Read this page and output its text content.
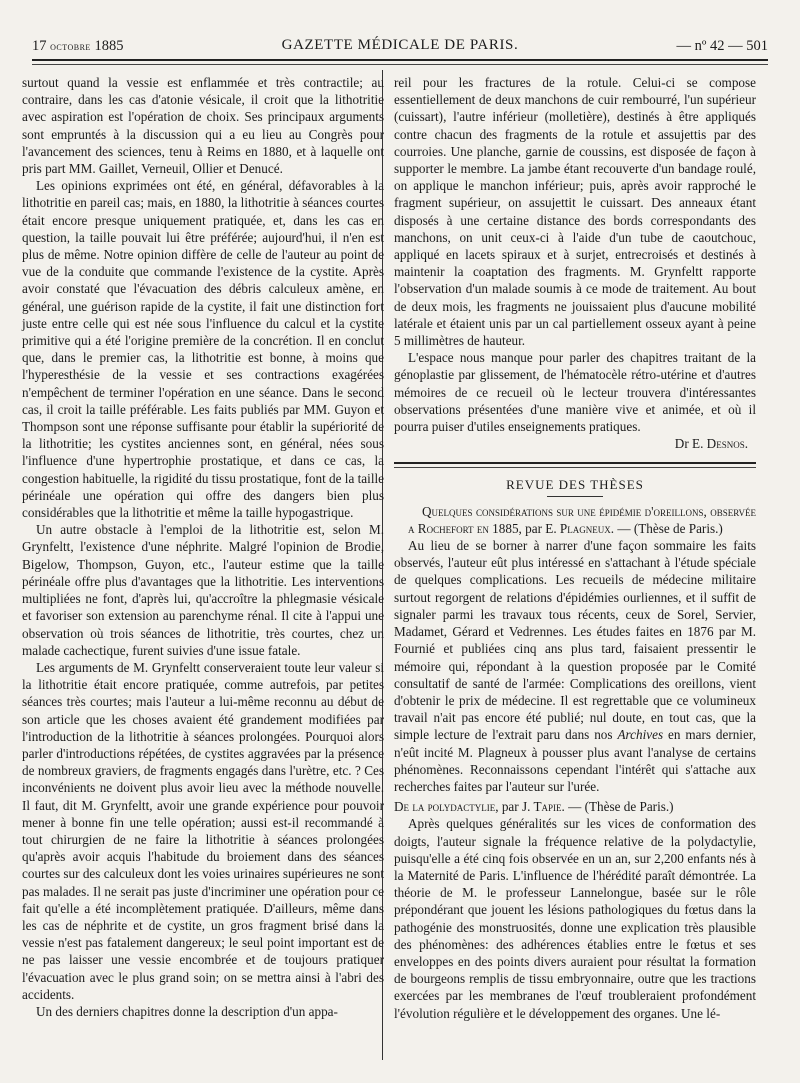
17 octobre 1885	GAZETTE MÉDICALE DE PARIS.	— nº 42 — 501

surtout quand la vessie est enflammée et très contractile; au contraire, dans les cas d'atonie vésicale, il croit que la lithotritie avec aspiration est l'opération de choix. Ses principaux arguments sont empruntés à la discussion qui a eu lieu au Congrès pour l'avancement des sciences, tenu à Reims en 1880, et à laquelle ont pris part MM. Gaillet, Verneuil, Ollier et Denucé.

Les opinions exprimées ont été, en général, défavorables à la lithotritie en pareil cas; mais, en 1880, la lithotritie à séances courtes était encore presque uniquement pratiquée, et, dans les cas en question, la taille pouvait lui être préférée; aujourd'hui, il n'en est plus de même. Notre opinion diffère de celle de l'auteur au point de vue de la conduite que commande l'existence de la cystite. Après avoir constaté que l'évacuation des débris calculeux amène, en général, une guérison rapide de la cystite, il fait une distinction fort juste entre celle qui est née sous l'influence du calcul et la cystite primitive qui a été l'origine première de la concrétion. Il en conclut que, dans le premier cas, la lithotritie est bonne, à moins que l'hyperesthésie de la vessie et ses contractions exagérées n'empêchent de terminer l'opération en une séance. Dans le second cas, il croit la taille préférable. Les faits publiés par MM. Guyon et Thompson sont une réponse suffisante pour établir la supériorité de la lithotritie; les cystites anciennes sont, en général, nées sous l'influence d'une hypertrophie prostatique, et dans ce cas, la congestion habituelle, la rigidité du tissu prostatique, font de la taille périnéale une opération qui offre des dangers bien plus considérables que la lithotritie et même la taille hypogastrique.

Un autre obstacle à l'emploi de la lithotritie est, selon M. Grynfeltt, l'existence d'une néphrite. Malgré l'opinion de Brodie, Bigelow, Thompson, Guyon, etc., l'auteur estime que la taille périnéale offre plus d'avantages que la lithotritie. Les interventions multipliées ne font, d'après lui, qu'accroître la phlegmasie vésicale et favoriser son extension au parenchyme rénal. Il cite à l'appui une observation où trois séances de lithotritie, très courtes, chez un malade cachectique, furent suivies d'une issue fatale.

Les arguments de M. Grynfeltt conserveraient toute leur valeur si la lithotritie était encore pratiquée, comme autrefois, par petites séances très courtes; mais l'auteur a lui-même reconnu au début de son article que les choses avaient été grandement modifiées par l'introduction de la lithotritie à séances prolongées. Pourquoi alors parler d'introductions répétées, de cystites aggravées par la présence de nombreux graviers, de fragments engagés dans l'urètre, etc. ? Ces inconvénients ne doivent plus avoir lieu avec la méthode nouvelle. Il faut, dit M. Grynfeltt, avoir une grande expérience pour pouvoir mener à bonne fin une telle opération; aussi est-il recommandé à tout chirurgien de ne faire la lithotritie à séances prolongées qu'après avoir acquis l'habitude du broiement dans des séances courtes sur des calculeux dont les voies urinaires supérieures ne sont pas malades. Il ne serait pas juste d'incriminer une opération pour ce fait qu'elle a été incomplètement pratiquée. D'ailleurs, même dans les cas de néphrite et de cystite, un gros fragment brisé dans la vessie n'est pas fatalement dangereux; le seul point important est de ne pas laisser une vessie encombrée et de toujours pratiquer l'évacuation avec le plus grand soin; on se mettra ainsi à l'abri des accidents.

Un des derniers chapitres donne la description d'un appa-

reil pour les fractures de la rotule. Celui-ci se compose essentiellement de deux manchons de cuir rembourré, l'un supérieur (cuissart), l'autre inférieur (molletière), destinés à être appliqués contre chacun des fragments de la rotule et assujettis par des courroies. Une planche, garnie de coussins, est disposée de façon à supporter le membre. La jambe étant recouverte d'un bandage roulé, on applique le manchon inférieur; puis, après avoir rapproché le fragment supérieur, on assujettit le cuissart. Des anneaux étant disposés à une certaine distance des bords correspondants des manchons, on unit ceux-ci à l'aide d'un tube de caoutchouc, appliqué en lacets spiraux et à surjet, entrecroisés et destinés à maintenir la coaptation des fragments. M. Grynfeltt rapporte l'observation d'un malade soumis à ce mode de traitement. Au bout de deux mois, les fragments ne jouissaient plus d'aucune mobilité latérale et étaient unis par un cal partiellement osseux ayant à peine 5 millimètres de hauteur.

L'espace nous manque pour parler des chapitres traitant de la génoplastie par glissement, de l'hématocèle rétro-utérine et d'autres mémoires de ce recueil où le lecteur trouvera d'intéressantes observations présentées d'une manière vive et animée, et où il pourra puiser d'utiles enseignements pratiques.

Dr E. Desnos.
REVUE DES THÈSES

Quelques considérations sur une épidémie d'oreillons, observée a Rochefort en 1885, par E. Plagneux. — (Thèse de Paris.)

Au lieu de se borner à narrer d'une façon sommaire les faits observés, l'auteur eût plus intéressé en s'attachant à l'étude spéciale de quelques complications. Les recueils de médecine militaire surtout regorgent de relations d'épidémies ourliennes, et il suffit de signaler parmi les travaux tous récents, ceux de Sorel, Servier, Madamet, Gérard et Vedrennes. Les études faites en 1876 par M. Fournié et publiées cinq ans plus tard, faisaient pressentir le mémoire qui, répondant à la question proposée par le Comité consultatif de santé de l'armée: Complications des oreillons, vient d'obtenir le prix de médecine. Il est regrettable que ce volumineux travail n'ait pas encore été publié; nul doute, en tout cas, que la simple lecture de l'extrait paru dans nos Archives en mars dernier, n'eût incité M. Plagneux à pousser plus avant l'analyse de certains phénomènes. Reconnaissons cependant l'intérêt qui s'attache aux recherches faites par l'auteur sur l'urée.

De la polydactylie, par J. Tapie. — (Thèse de Paris.)

Après quelques généralités sur les vices de conformation des doigts, l'auteur signale la fréquence relative de la polydactylie, puisqu'elle a été cinq fois observée en un an, sur 2,200 enfants nés à la Maternité de Paris. L'influence de l'hérédité paraît démontrée. La théorie de M. le professeur Lannelongue, basée sur le rôle prépondérant que jouent les lésions pathologiques du fœtus dans la pathogénie des monstruosités, donne une explication très plausible des phénomènes: des adhérences établies entre le fœtus et ses enveloppes en des points divers auraient pour résultat la formation de bourgeons remplis de tissu embryonnaire, outre que les tractions exercées par les membranes de l'œuf troubleraient profondément l'évolution régulière et le développement des organes. Une lé-
